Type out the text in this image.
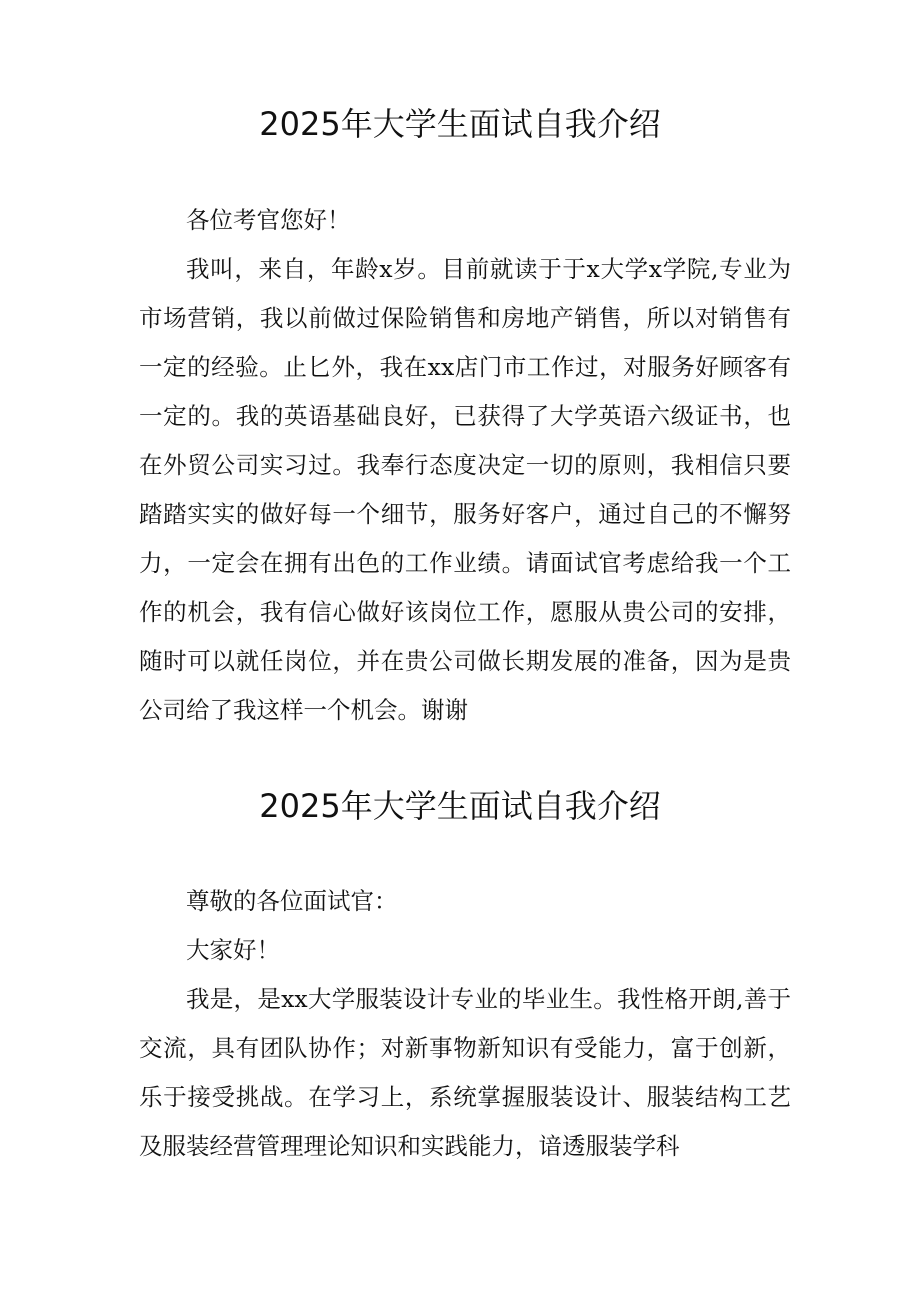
2025年大学生面试自我介绍

各位考官您好！

我叫，来自，年龄x岁。目前就读于于x大学x学院,专业为市场营销，我以前做过保险销售和房地产销售，所以对销售有一定的经验。止匕外，我在xx店门市工作过，对服务好顾客有一定的。我的英语基础良好，已获得了大学英语六级证书，也在外贸公司实习过。我奉行态度决定一切的原则，我相信只要踏踏实实的做好每一个细节，服务好客户，通过自己的不懈努力，一定会在拥有出色的工作业绩。请面试官考虑给我一个工作的机会，我有信心做好该岗位工作，愿服从贵公司的安排，随时可以就任岗位，并在贵公司做长期发展的准备，因为是贵公司给了我这样一个机会。谢谢

2025年大学生面试自我介绍

尊敬的各位面试官：

大家好！

我是，是xx大学服装设计专业的毕业生。我性格开朗,善于交流，具有团队协作；对新事物新知识有受能力，富于创新，乐于接受挑战。在学习上，系统掌握服装设计、服装结构工艺及服装经营管理理论知识和实践能力，谙透服装学科
